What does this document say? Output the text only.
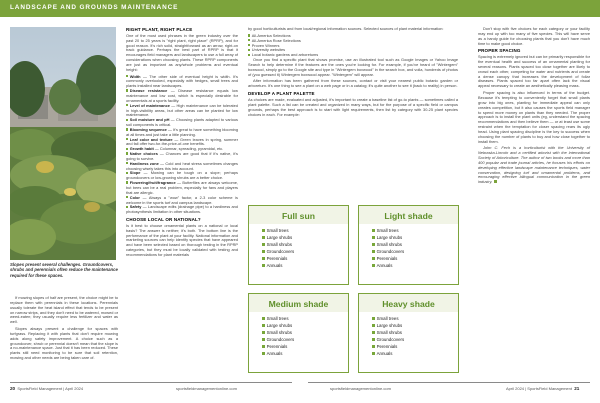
LANDSCAPE AND GROUNDS MAINTENANCE
Slopes present several challenges. Groundcovers, shrubs and perennials often reduce the maintenance required for these spaces.

If mowing slopes of half are present, the choice might be to replace them with perennials in these locations. Perennials usually tolerate the heat island effect that tends to be present on narrow strips, and they don't need to be watered, mowed or weed-eaten; they usually require less fertilizer and water as well.

Slopes always present a challenge for spaces with turfgrass. Replacing it with plants that don't require mowing adds along safety improvement. A choice such as a groundcover, shrub or perennial doesn't mean that the slope is a no-maintenance space. Just that it has been reduced. These plants still need monitoring to be sure that soil retention, mowing and other needs are being taken care of.

RIGHT PLANT, RIGHT PLACE

One of the most used phrases in the green industry over the past 20 to 25 years is "right plant, right place" (RPRP), and for good reason. It's rich solid, straightforward as an arrow, right-on track guidance. Perhaps the best part of RPRP is that it encourages field managers and landscapers to use a full array of considerations when choosing plants. These RPRP components are just as important as any/whole problems and eventual height:

Width — The other side of eventual height is width. It's commonly overlooked, especially with hedges, small trees and plants installed near landscapes.
Disease resistance — Disease resistance equals low maintenance and low cost, which is especially desirable for ornamentals at a sports facility.
Level of maintenance — High maintenance can be tolerated in high-visibility areas, but other areas can be planted for low maintenance.
Soil moisture and pH — Choosing plants adapted to various soil components is critical.
Blooming sequence — It's great to have something blooming at all times and just take a little planning.
Leaf color and texture — Green leaves in spring, summer and fall offer two-for-the-price-of-one benefits.
Growth habit — Columnar, spreading, pyramidal, etc.
Native choices — Chances are good that if it's native, it's going to survive.
Hardiness zone — Cold and heat stress sometimes changes choosing wisely takes this into account.
Slope — Mowing can be tough on a slope; perhaps groundcovers or low-growing shrubs are a better choice.
Flowering/fruit/fragrance — Butterflies are always welcome, but bees can be a real problem, especially for fans and players that are allergic.
Color — Always a "wow" factor, a 2-3 color scheme is welcome in the sports turf and campus landscape.
Safety — Landscape edits (drainage pipe) to a hardiness and photosynthesis limitation in other situations.
CHOOSE LOCAL OR NATIONAL?

Is it best to choose ornamental plants on a national or local basis? The answer is neither; it's both. The bottom line is the performance of the plant at your facility. National information and marketing sources can help identify species that have appeared and have been selected based on thorough testing in the RPRP categories, but they must be locally validated with testing and recommendations for plant materials

by good horticulturists and from local/regional information sources. Selected sources of plant material information:

All-America Selections
All-America Rose Selections
Proven Winners
University websites
Local botanic gardens and arboretums

Once you find a specific plant that shows promise, use an illustrated tool such as Google Images or Yahoo Image Search to help determine if the features are the ones you're looking for. For example, if you've heard of "Wintergem" boxwood, simply go to the Google site and type in "Wintergem boxwood" in the search box, and voila, hundreds of photos of (you guessed it) Wintergem boxwood appear. "Wintergem" will appear.

After information has been gathered from these sources, contact or visit your nearest public botanic garden or arboretum. It's one thing to see a plant on a web page or in a catalog; it's quite another to see it (back to reality) in person.

DEVELOP A PLANT PALETTE

As choices are made, evaluated and adjusted, it's important to create a baseline list of go-to plants — sometimes called a plant palette. Such a list can be created and organized in many ways, but for the purpose of a specific field or campus grounds, perhaps the best approach is to start with light requirements, then list by category with 30-25 plant species choices in each. For example:

Full sun
Small trees
Large shrubs
Small shrubs
Groundcovers
Perennials
Annuals
Light shade
Small trees
Large shrubs
Small shrubs
Groundcovers
Perennials
Annuals
Medium shade
Small trees
Large shrubs
Small shrubs
Groundcovers
Perennials
Annuals
Heavy shade
Small trees
Large shrubs
Small shrubs
Groundcovers
Perennials
Annuals

Don't stop with five choices for each category or your facility may end up with too many of five species. This will have serve as a handy guide for choosing plants that you don't have much time to make good choice.

PROPER SPACING

Spacing is extremely ignored but can be primarily responsible for the eventual health and success of an ornamental planting for several reasons. Plants spaced too close together are likely to crowd each other, competing for water and nutrients and create a dense canopy that increases the development of foliar diseases. Plants spaced too far apart often lack the visual appeal necessary to create an aesthetically pleasing mass.

Proper spacing is also influenced in terms of the budget. Because it's tempting to conveniently forget that small plants grow into big ones, planting for immediate appeal can only creates competition, but it also causes the sports field manager to spend more money on plants than they needed. The proper approach is to install the plant units (eg, understand the spacing recommendations and then believe them — or at least use some restraint when the temptation for closer spacing rears its ugly head. Using plant spacing discipline is the key to success when choosing the number of plants to buy and how close together to install them.

John C. Fech is a horticulturist with the University of Nebraska-Lincoln and a certified arborist with the International Society of Arboriculture. The author of two books and more than 400 popular and trade journal articles, he focuses his efforts on developing effective landscape maintenance techniques, water conservation, designing turf and ornamental problems, and encouraging effective bilingual communication in the green industry.

20 SportsField Management | April 2024	sportsfieldmanagementonline.com	sportsfieldmanagementonline.com	April 2024 | SportsField Management 21
